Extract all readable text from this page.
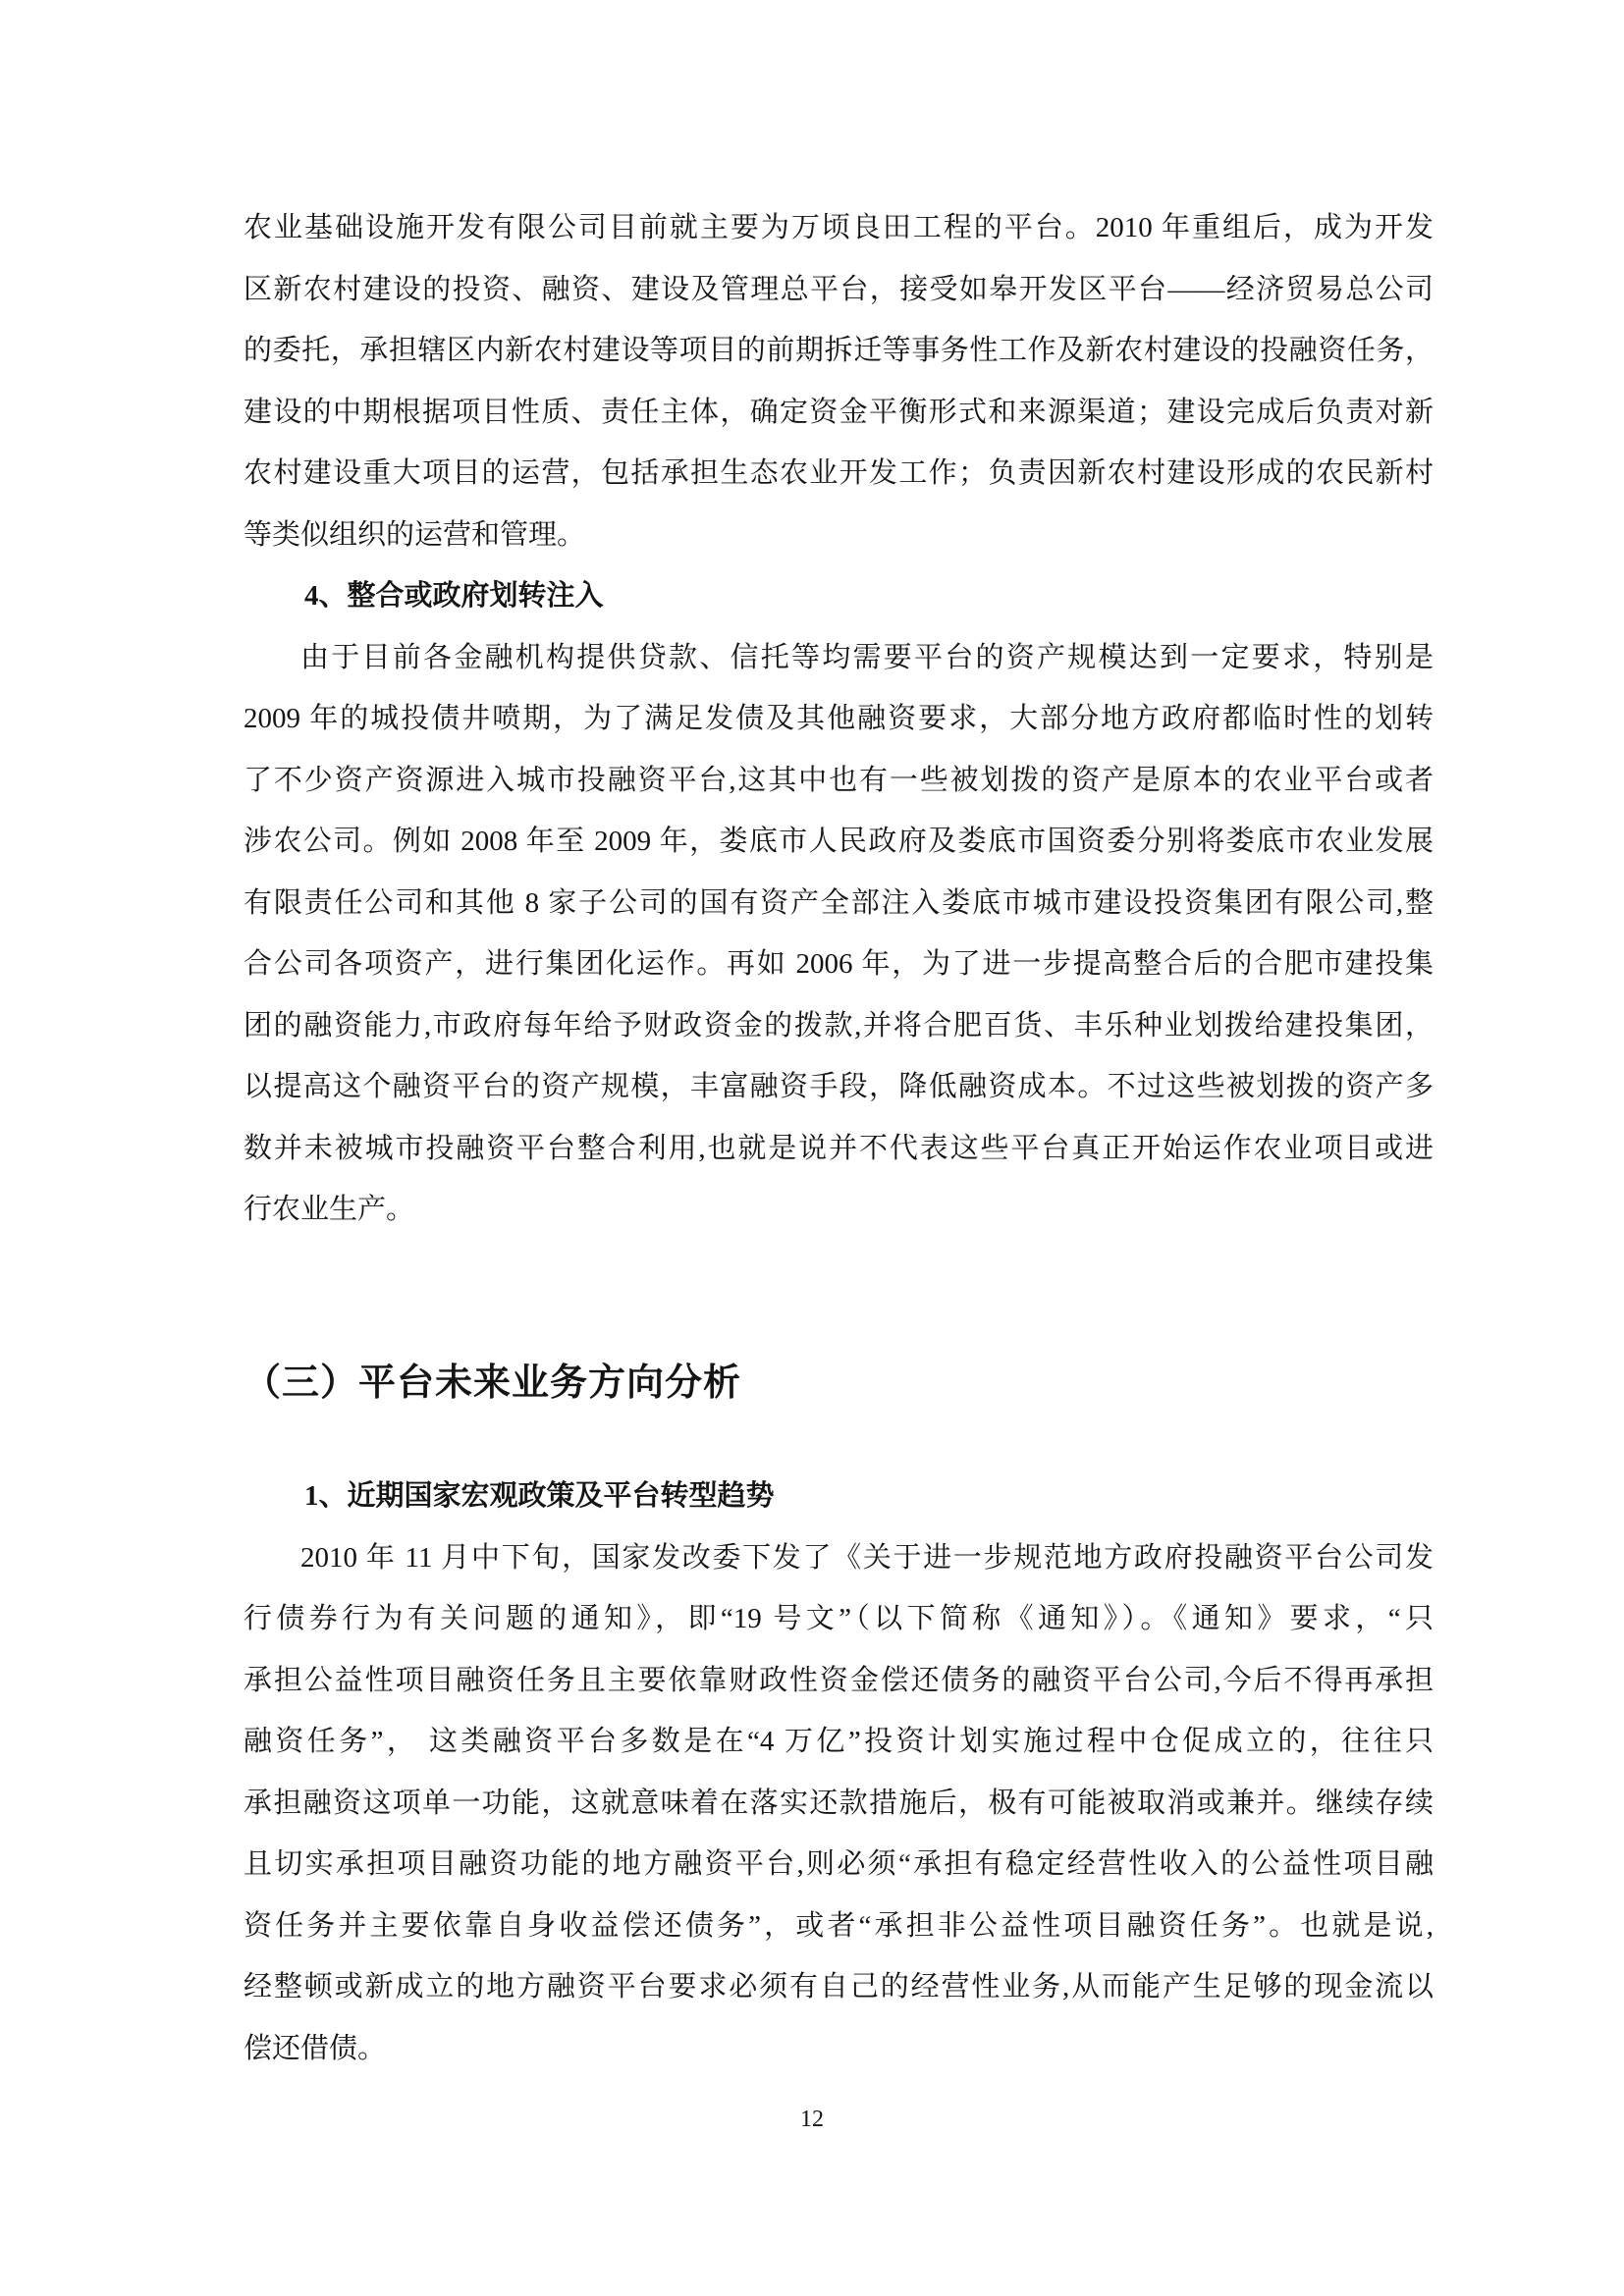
农业基础设施开发有限公司目前就主要为万顷良田工程的平台。2010 年重组后，成为开发
区新农村建设的投资、融资、建设及管理总平台，接受如皋开发区平台——经济贸易总公司
的委托，承担辖区内新农村建设等项目的前期拆迁等事务性工作及新农村建设的投融资任务，
建设的中期根据项目性质、责任主体，确定资金平衡形式和来源渠道；建设完成后负责对新
农村建设重大项目的运营，包括承担生态农业开发工作；负责因新农村建设形成的农民新村
等类似组织的运营和管理。
4、整合或政府划转注入
由于目前各金融机构提供贷款、信托等均需要平台的资产规模达到一定要求，特别是
2009 年的城投债井喷期，为了满足发债及其他融资要求，大部分地方政府都临时性的划转
了不少资产资源进入城市投融资平台,这其中也有一些被划拨的资产是原本的农业平台或者
涉农公司。例如 2008 年至 2009 年，娄底市人民政府及娄底市国资委分别将娄底市农业发展
有限责任公司和其他 8 家子公司的国有资产全部注入娄底市城市建设投资集团有限公司,整
合公司各项资产，进行集团化运作。再如 2006 年，为了进一步提高整合后的合肥市建投集
团的融资能力,市政府每年给予财政资金的拨款,并将合肥百货、丰乐种业划拨给建投集团，
以提高这个融资平台的资产规模，丰富融资手段，降低融资成本。不过这些被划拨的资产多
数并未被城市投融资平台整合利用,也就是说并不代表这些平台真正开始运作农业项目或进
行农业生产。
（三）平台未来业务方向分析
1、近期国家宏观政策及平台转型趋势
2010 年 11 月中下旬，国家发改委下发了《关于进一步规范地方政府投融资平台公司发
行债券行为有关问题的通知》，即“19 号文”（以下简称《通知》）。《通知》要求，“只
承担公益性项目融资任务且主要依靠财政性资金偿还债务的融资平台公司,今后不得再承担
融资任务”， 这类融资平台多数是在“4 万亿”投资计划实施过程中仓促成立的，往往只
承担融资这项单一功能，这就意味着在落实还款措施后，极有可能被取消或兼并。继续存续
且切实承担项目融资功能的地方融资平台,则必须“承担有稳定经营性收入的公益性项目融
资任务并主要依靠自身收益偿还债务”，或者“承担非公益性项目融资任务”。也就是说,
经整顿或新成立的地方融资平台要求必须有自己的经营性业务,从而能产生足够的现金流以
偿还借债。
12
